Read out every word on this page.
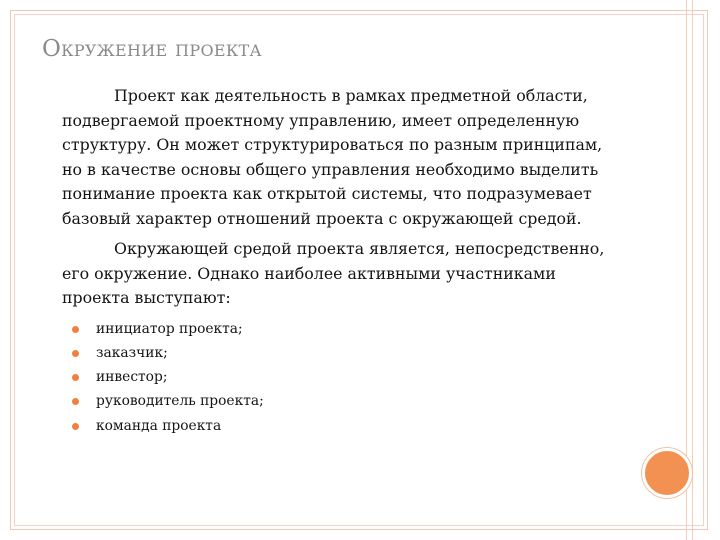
Окружение проекта

Проект как деятельность в рамках предметной области, подвергаемой проектному управлению, имеет определенную структуру. Он может структурироваться по разным принципам, но в качестве основы общего управления необходимо выделить понимание проекта как открытой системы, что подразумевает базовый характер отношений проекта с окружающей средой.

Окружающей средой проекта является, непосредственно, его окружение. Однако наиболее активными участниками проекта выступают:

инициатор проекта;
заказчик;
инвестор;
руководитель проекта;
команда проекта
